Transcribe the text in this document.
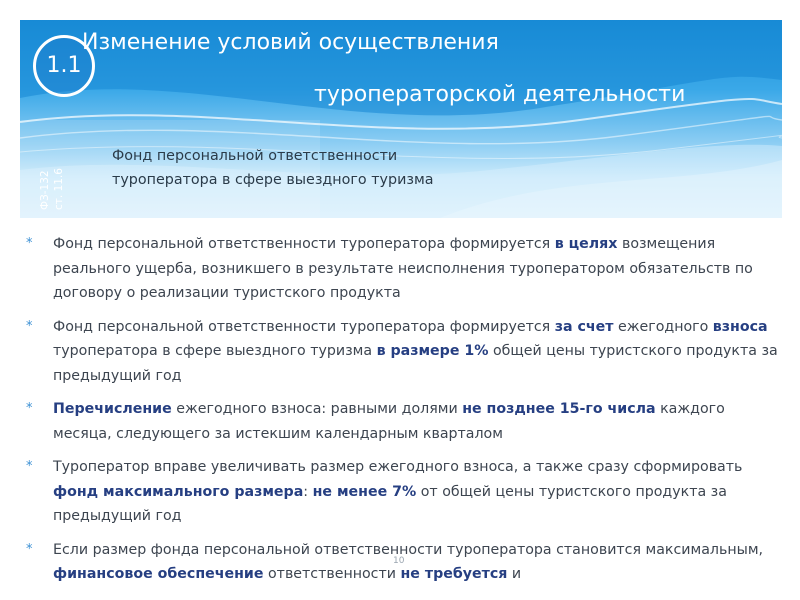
1.1
Изменение условий осуществления
туроператорской деятельности
ФЗ-132 ст. 11.6
Фонд персональной ответственности туроператора в сфере выездного туризма
* Фонд персональной ответственности туроператора формируется в целях возмещения реального ущерба, возникшего в результате неисполнения туроператором обязательств по договору о реализации туристского продукта
* Фонд персональной ответственности туроператора формируется за счет ежегодного взноса туроператора в сфере выездного туризма в размере 1% общей цены туристского продукта за предыдущий год
* Перечисление ежегодного взноса: равными долями не позднее 15-го числа каждого месяца, следующего за истекшим календарным кварталом
* Туроператор вправе увеличивать размер ежегодного взноса, а также сразу сформировать фонд максимального размера: не менее 7% от общей цены туристского продукта за предыдущий год
* Если размер фонда персональной ответственности туроператора становится максимальным, финансовое обеспечение ответственности не требуется и
10
